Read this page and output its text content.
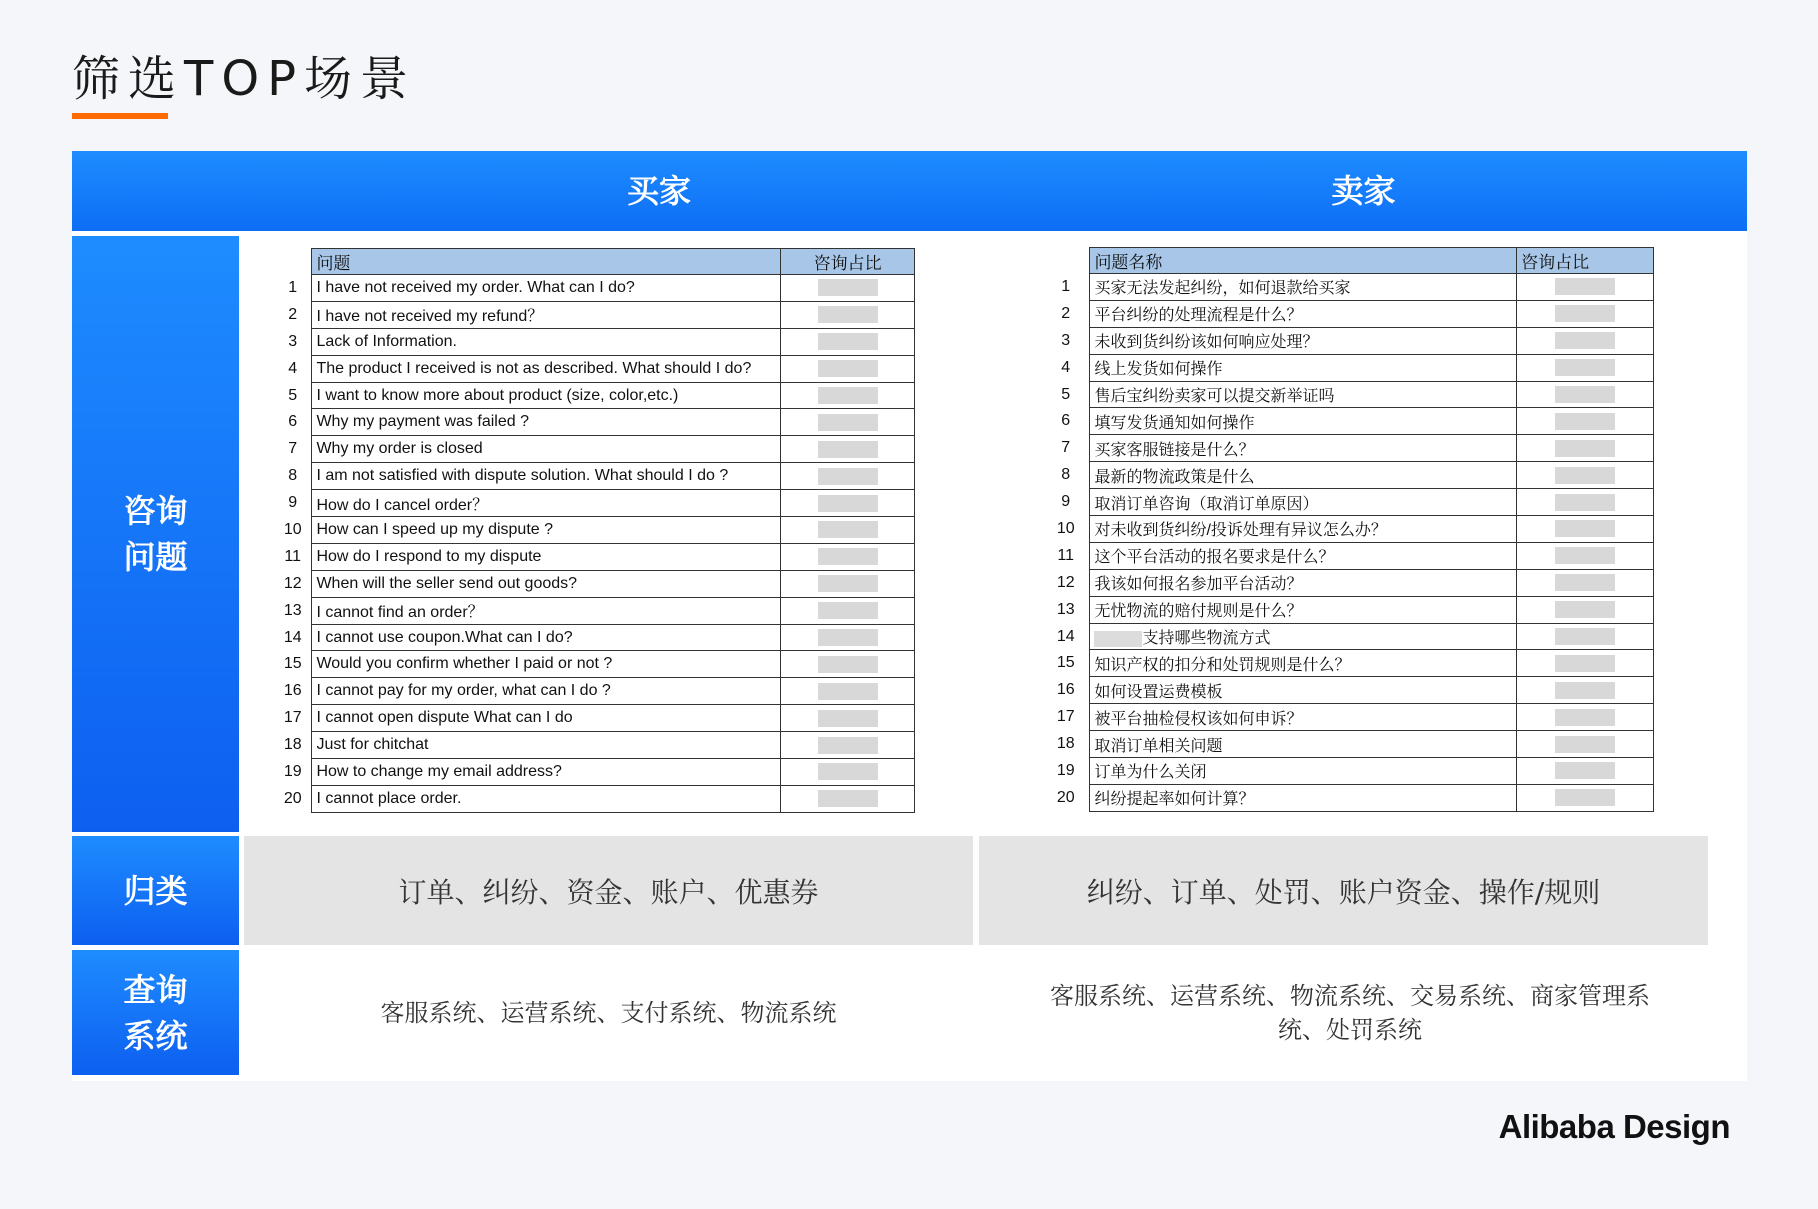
筛选TOP场景
买家	卖家
咨询
问题
归类
查询
系统
	问题	咨询占比
1	I have not received my order. What can I do?	

2	I have not received my refund？	

3	Lack of Information.	

4	The product I received is not as described. What should I do?	

5	I want to know more about product (size, color,etc.)	

6	Why my payment was failed ?	

7	Why my order is closed	

8	I am not satisfied with dispute solution. What should I do ?	

9	How do I cancel order？	

10	How can I speed up my dispute ?	

11	How do I respond to my dispute	

12	When will the seller send out goods?	

13	I cannot find an order？	

14	I cannot use coupon.What can I do?	

15	Would you confirm whether I paid or not ?	

16	I cannot pay for my order, what can I do ?	

17	I cannot open dispute What can I do	

18	Just for chitchat	

19	How to change my email address?	

20	I cannot place order.	
	问题名称	咨询占比
1	买家无法发起纠纷，如何退款给买家	

2	平台纠纷的处理流程是什么？	

3	未收到货纠纷该如何响应处理？	

4	线上发货如何操作	

5	售后宝纠纷卖家可以提交新举证吗	

6	填写发货通知如何操作	

7	买家客服链接是什么？	

8	最新的物流政策是什么	

9	取消订单咨询（取消订单原因）	

10	对未收到货纠纷/投诉处理有异议怎么办？	

11	这个平台活动的报名要求是什么？	

12	我该如何报名参加平台活动？	

13	无忧物流的赔付规则是什么？	

14	支持哪些物流方式	

15	知识产权的扣分和处罚规则是什么？	

16	如何设置运费模板	

17	被平台抽检侵权该如何申诉？	

18	取消订单相关问题	

19	订单为什么关闭	

20	纠纷提起率如何计算？	
订单、纠纷、资金、账户、优惠券	纠纷、订单、处罚、账户资金、操作/规则
客服系统、运营系统、支付系统、物流系统
客服系统、运营系统、物流系统、交易系统、商家管理系
统、处罚系统
Alibaba Design
